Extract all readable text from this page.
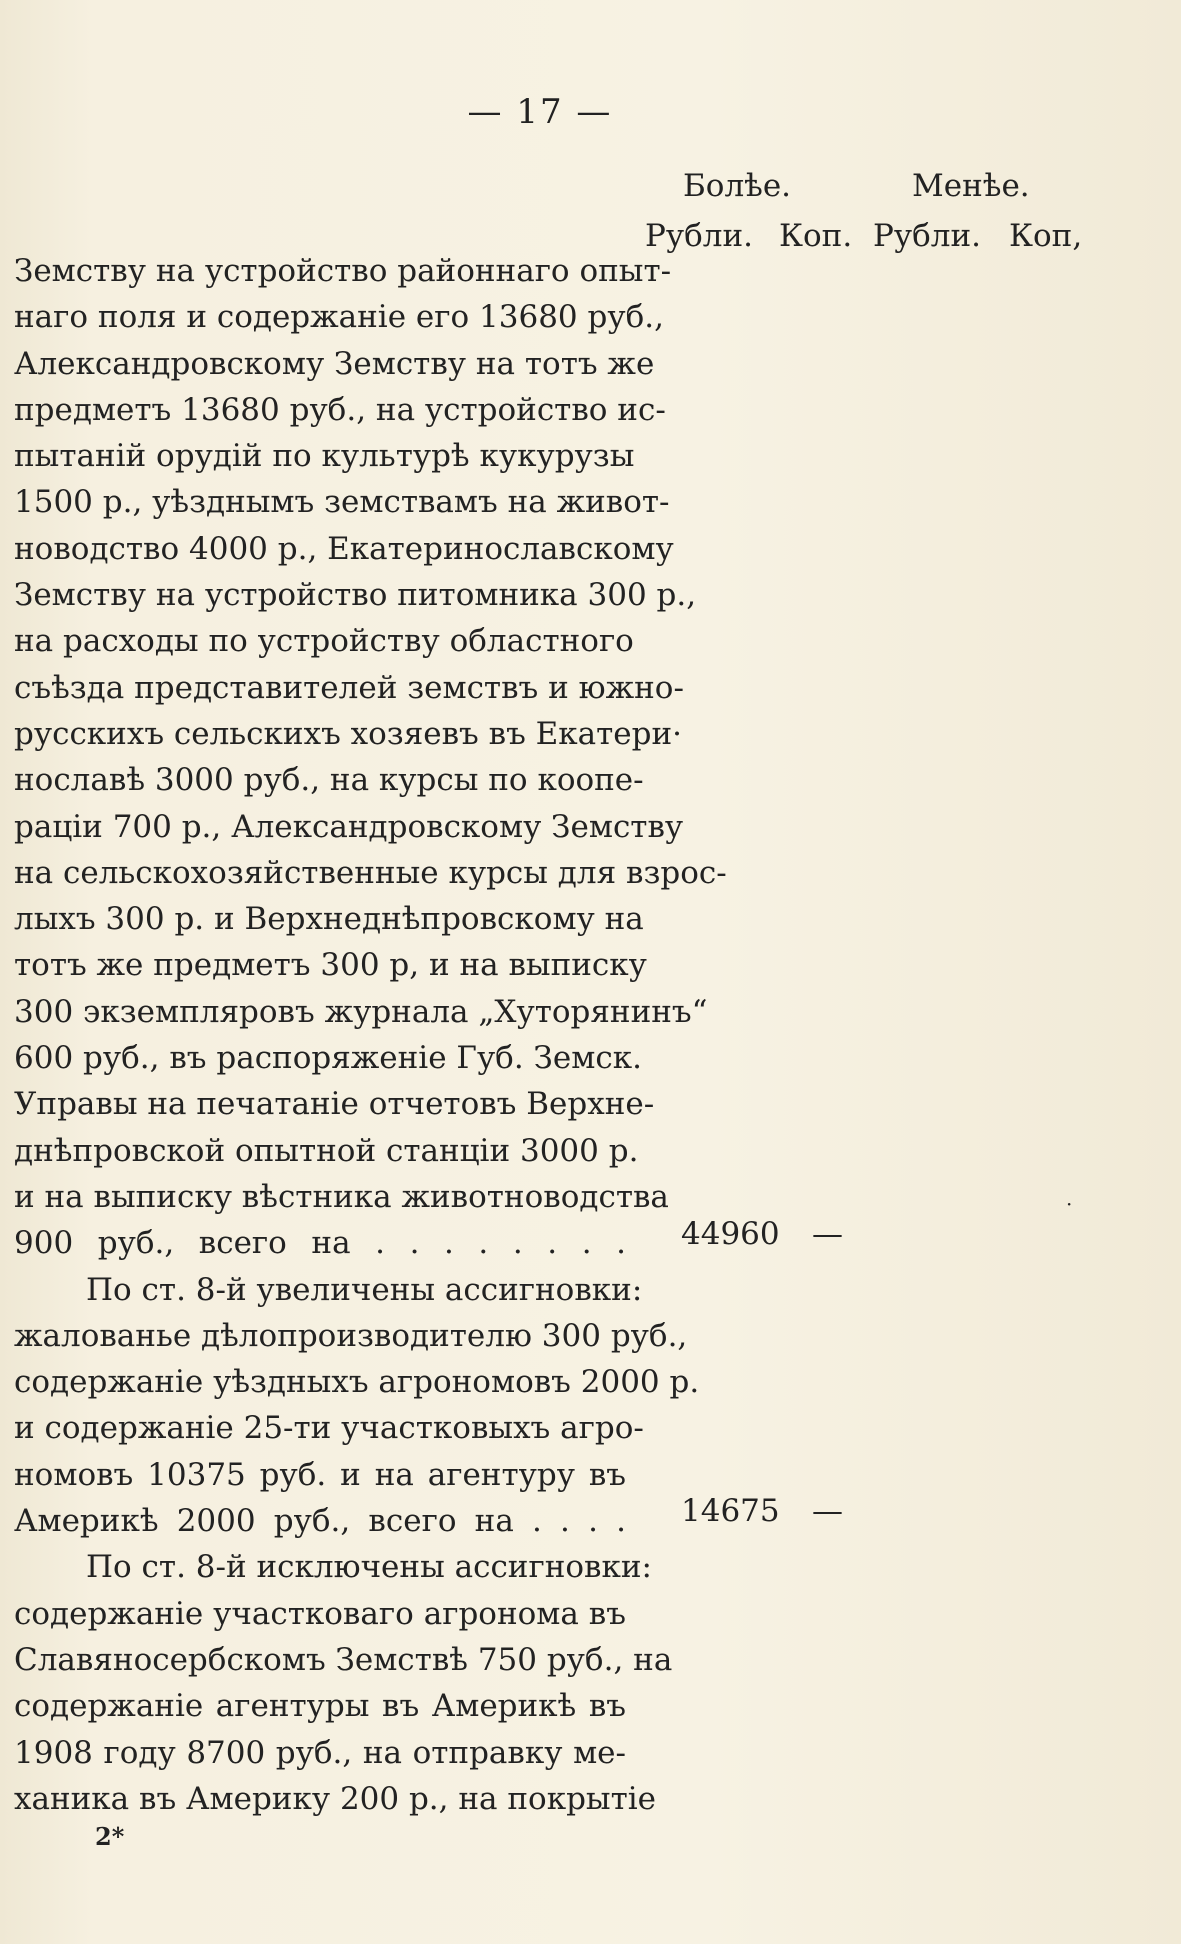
— 17 —
Болѣе.	Менѣе.
Рубли. Коп. Рубли. Коп,
Земству на устройство районнаго опыт-
наго поля и содержаніе его 13680 руб.,
Александровскому Земству на тотъ же
предметъ 13680 руб., на устройство ис-
пытаній орудій по культурѣ кукурузы
1500 р., уѣзднымъ земствамъ на живот-
новодство 4000 р., Екатеринославскому
Земству на устройство питомника 300 р.,
на расходы по устройству областного
съѣзда представителей земствъ и южно-
русскихъ сельскихъ хозяевъ въ Екатери·
нославѣ 3000 руб., на курсы по коопе-
раціи 700 р., Александровскому Земству
на сельскохозяйственные курсы для взрос-
лыхъ 300 р. и Верхнеднѣпровскому на
тотъ же предметъ 300 р, и на выписку
300 экземпляровъ журнала „Хуторянинъ“
600 руб., въ распоряженіе Губ. Земск.
Управы на печатаніе отчетовъ Верхне-
днѣпровской опытной станціи 3000 р.
и на выписку вѣстника животноводства
900 руб., всего на . . . . . . . .
По ст. 8-й увеличены ассигновки:
жалованье дѣлопроизводителю 300 руб.,
содержаніе уѣздныхъ агрономовъ 2000 р.
и содержаніе 25-ти участковыхъ агро-
номовъ 10375 руб. и на агентуру въ
Америкѣ 2000 руб., всего на . . . .
По ст. 8-й исключены ассигновки:
содержаніе участковаго агронома въ
Славяносербскомъ Земствѣ 750 руб., на
содержаніе агентуры въ Америкѣ въ
1908 году 8700 руб., на отправку ме-
ханика въ Америку 200 р., на покрытіе
44960 —
14675 —
·
2*
